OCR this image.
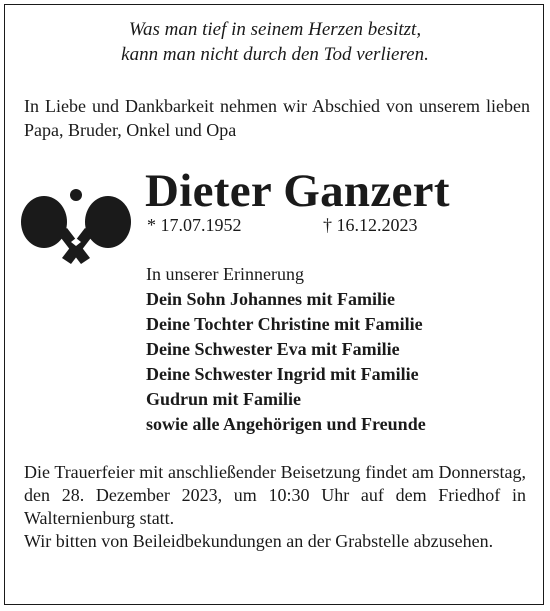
Was man tief in seinem Herzen besitzt,
kann man nicht durch den Tod verlieren.
In Liebe und Dankbarkeit nehmen wir Abschied von unserem lieben Papa, Bruder, Onkel und Opa
Dieter Ganzert
* 17.07.1952	† 16.12.2023
In unserer Erinnerung
Dein Sohn Johannes mit Familie
Deine Tochter Christine mit Familie
Deine Schwester Eva mit Familie
Deine Schwester Ingrid mit Familie
Gudrun mit Familie
sowie alle Angehörigen und Freunde
Die Trauerfeier mit anschließender Beisetzung findet am Donnerstag, den 28. Dezember 2023, um 10:30 Uhr auf dem Friedhof in Walternienburg statt.
Wir bitten von Beileidbekundungen an der Grabstelle abzusehen.
